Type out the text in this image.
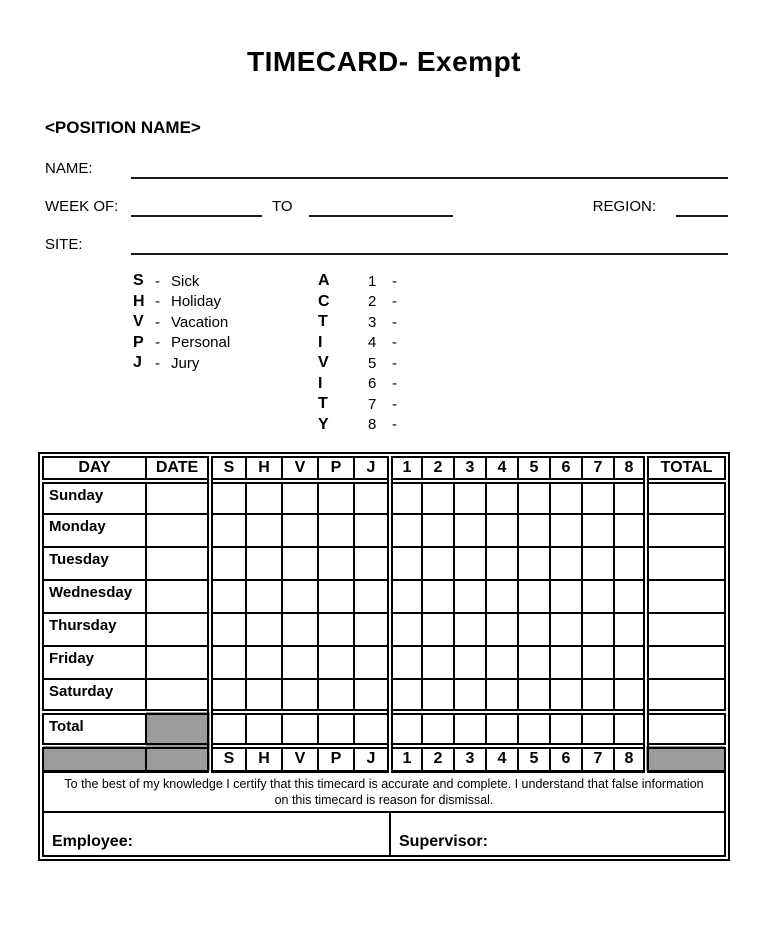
TIMECARD- Exempt
<POSITION NAME>
NAME:
WEEK OF:	TO	REGION:
SITE:
S - Sick
H - Holiday
V - Vacation
P - Personal
J - Jury
A	1	-
C	2	-
T	3	-
I	4	-
V	5	-
I	6	-
T	7	-
Y	8	-
DAY	DATE	S	H	V	P	J	1	2	3	4	5	6	7	8	TOTAL
Sunday															
Monday															
Tuesday															
Wednesday															
Thursday															
Friday															
Saturday															
Total															
		S	H	V	P	J	1	2	3	4	5	6	7	8	
To the best of my knowledge I certify that this timecard is accurate and complete. I understand that false information on this timecard is reason for dismissal.															
Employee:							Supervisor:								
